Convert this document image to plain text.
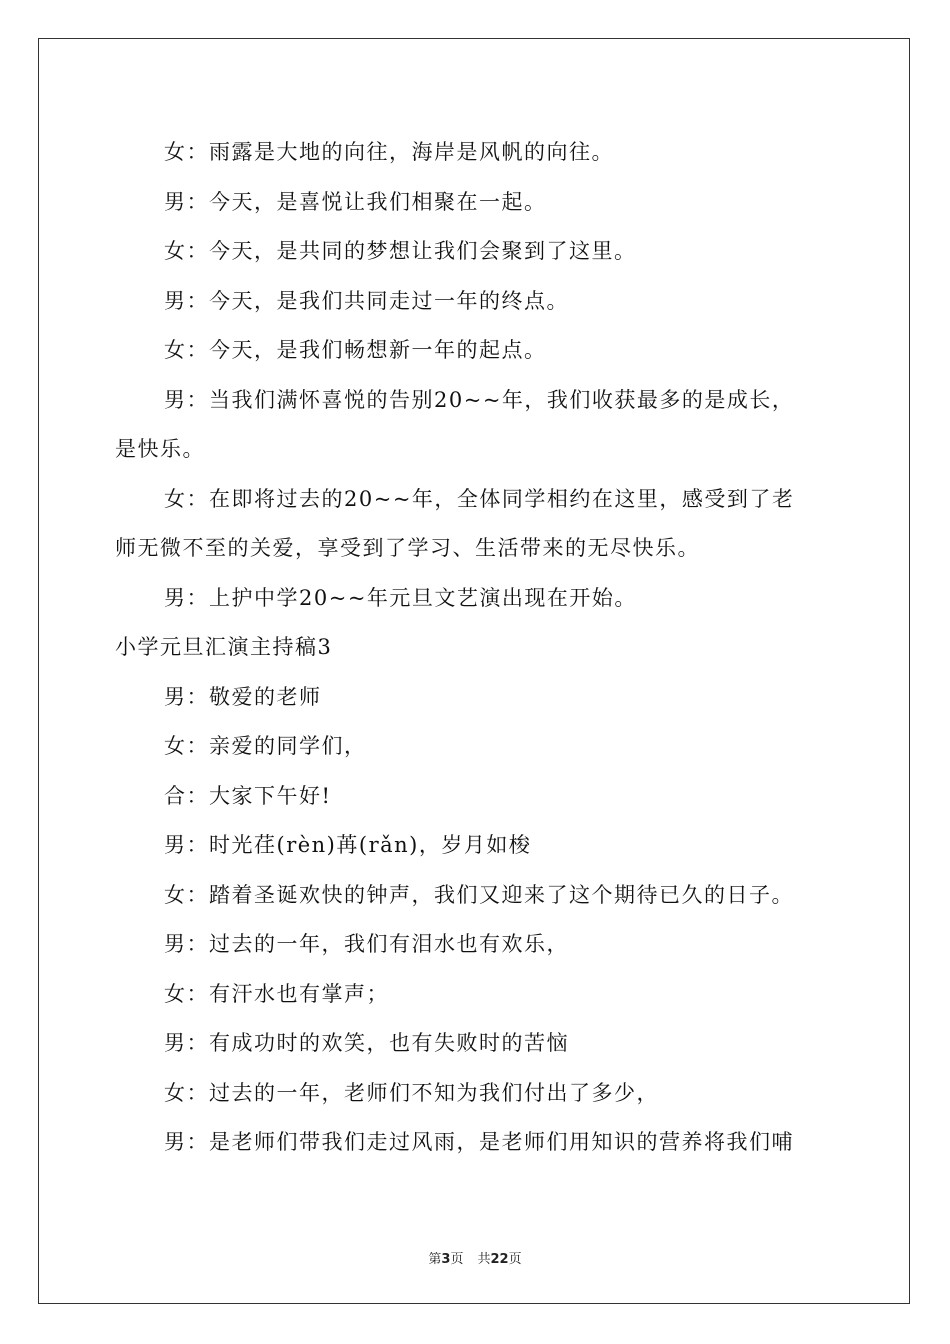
女：雨露是大地的向往，海岸是风帆的向往。
男：今天，是喜悦让我们相聚在一起。
女：今天，是共同的梦想让我们会聚到了这里。
男：今天，是我们共同走过一年的终点。
女：今天，是我们畅想新一年的起点。
男：当我们满怀喜悦的告别20~~年，我们收获最多的是成长，
是快乐。
女：在即将过去的20~~年，全体同学相约在这里，感受到了老
师无微不至的关爱，享受到了学习、生活带来的无尽快乐。
男：上护中学20~~年元旦文艺演出现在开始。
小学元旦汇演主持稿3
男：敬爱的老师
女：亲爱的同学们，
合：大家下午好!
男：时光荏(rèn)苒(rǎn)，岁月如梭
女：踏着圣诞欢快的钟声，我们又迎来了这个期待已久的日子。
男：过去的一年，我们有泪水也有欢乐，
女：有汗水也有掌声；
男：有成功时的欢笑，也有失败时的苦恼
女：过去的一年，老师们不知为我们付出了多少，
男：是老师们带我们走过风雨，是老师们用知识的营养将我们哺
第3页 共22页
